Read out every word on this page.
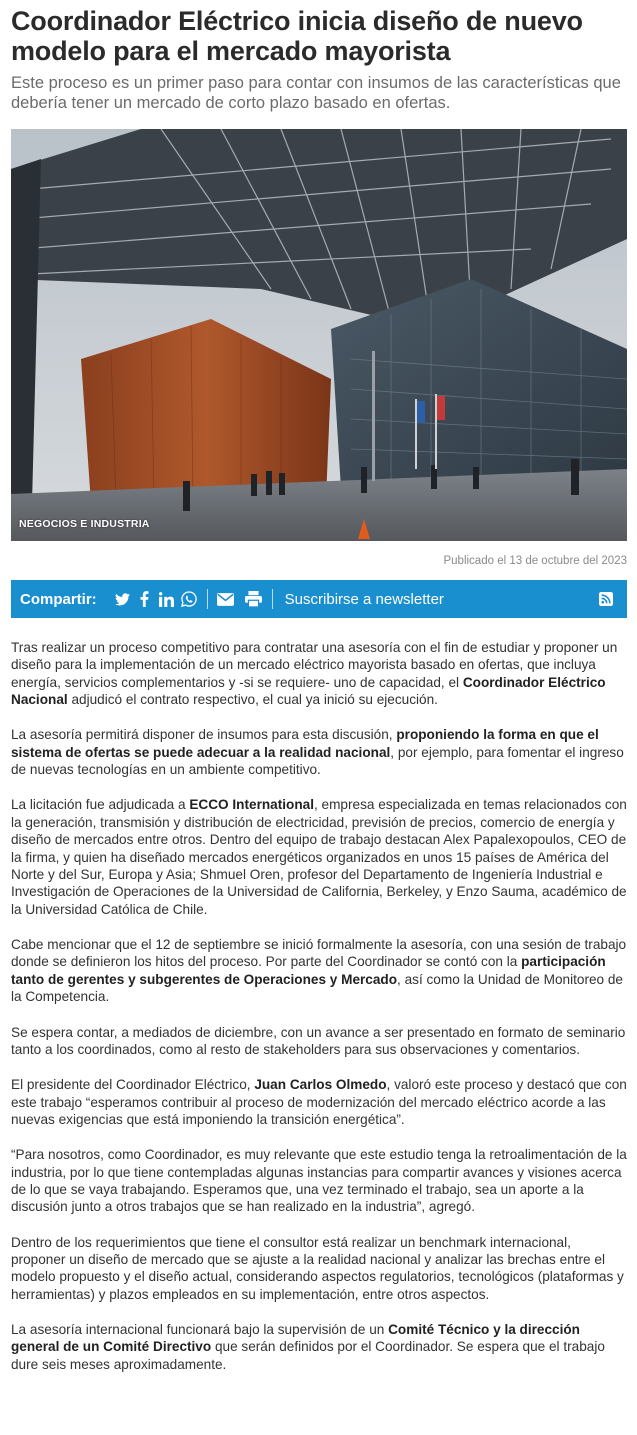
Coordinador Eléctrico inicia diseño de nuevo modelo para el mercado mayorista

Este proceso es un primer paso para contar con insumos de las características que debería tener un mercado de corto plazo basado en ofertas.

NEGOCIOS E INDUSTRIA
Publicado el 13 de octubre del 2023
Compartir:	Suscribirse a newsletter

Tras realizar un proceso competitivo para contratar una asesoría con el fin de estudiar y proponer un diseño para la implementación de un mercado eléctrico mayorista basado en ofertas, que incluya energía, servicios complementarios y -si se requiere- uno de capacidad, el Coordinador Eléctrico Nacional adjudicó el contrato respectivo, el cual ya inició su ejecución.

La asesoría permitirá disponer de insumos para esta discusión, proponiendo la forma en que el sistema de ofertas se puede adecuar a la realidad nacional, por ejemplo, para fomentar el ingreso de nuevas tecnologías en un ambiente competitivo.

La licitación fue adjudicada a ECCO International, empresa especializada en temas relacionados con la generación, transmisión y distribución de electricidad, previsión de precios, comercio de energía y diseño de mercados entre otros. Dentro del equipo de trabajo destacan Alex Papalexopoulos, CEO de la firma, y quien ha diseñado mercados energéticos organizados en unos 15 países de América del Norte y del Sur, Europa y Asia; Shmuel Oren, profesor del Departamento de Ingeniería Industrial e Investigación de Operaciones de la Universidad de California, Berkeley, y Enzo Sauma, académico de la Universidad Católica de Chile.

Cabe mencionar que el 12 de septiembre se inició formalmente la asesoría, con una sesión de trabajo donde se definieron los hitos del proceso. Por parte del Coordinador se contó con la participación tanto de gerentes y subgerentes de Operaciones y Mercado, así como la Unidad de Monitoreo de la Competencia.

Se espera contar, a mediados de diciembre, con un avance a ser presentado en formato de seminario tanto a los coordinados, como al resto de stakeholders para sus observaciones y comentarios.

El presidente del Coordinador Eléctrico, Juan Carlos Olmedo, valoró este proceso y destacó que con este trabajo “esperamos contribuir al proceso de modernización del mercado eléctrico acorde a las nuevas exigencias que está imponiendo la transición energética”.

“Para nosotros, como Coordinador, es muy relevante que este estudio tenga la retroalimentación de la industria, por lo que tiene contempladas algunas instancias para compartir avances y visiones acerca de lo que se vaya trabajando. Esperamos que, una vez terminado el trabajo, sea un aporte a la discusión junto a otros trabajos que se han realizado en la industria”, agregó.

Dentro de los requerimientos que tiene el consultor está realizar un benchmark internacional, proponer un diseño de mercado que se ajuste a la realidad nacional y analizar las brechas entre el modelo propuesto y el diseño actual, considerando aspectos regulatorios, tecnológicos (plataformas y herramientas) y plazos empleados en su implementación, entre otros aspectos.

La asesoría internacional funcionará bajo la supervisión de un Comité Técnico y la dirección general de un Comité Directivo que serán definidos por el Coordinador. Se espera que el trabajo dure seis meses aproximadamente.
